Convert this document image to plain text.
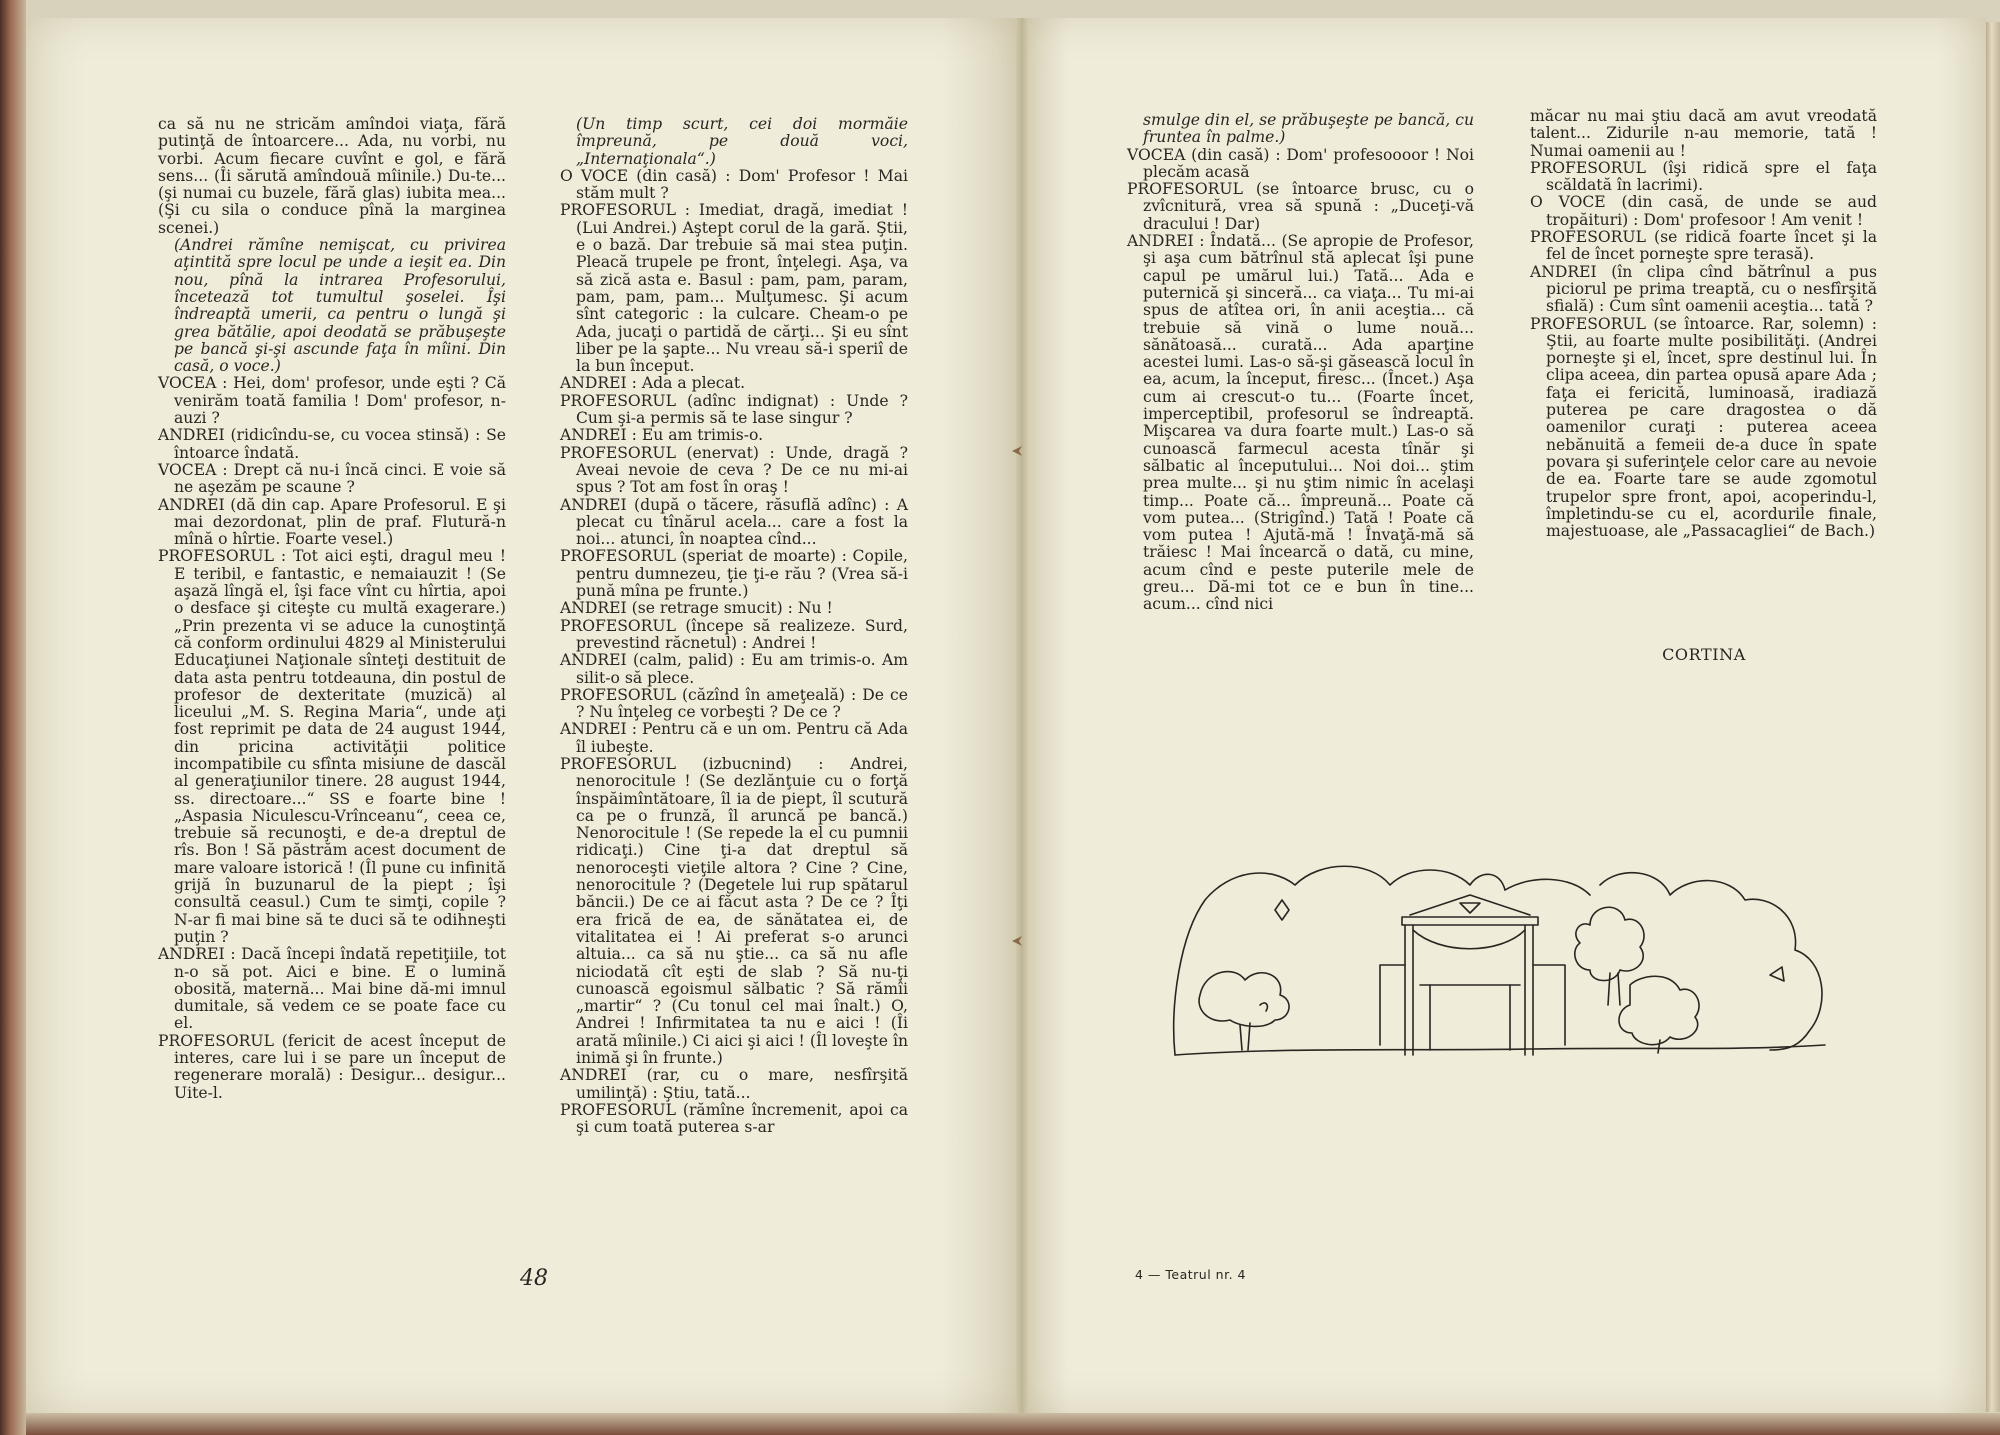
ca să nu ne stricăm amîndoi viaţa, fără putinţă de întoarcere... Ada, nu vorbi, nu vorbi. Acum fiecare cuvînt e gol, e fără sens... (Îi sărută amîndouă mîinile.) Du-te... (şi numai cu buzele, fără glas) iubita mea... (Şi cu sila o conduce pînă la marginea scenei.)

(Andrei rămîne nemişcat, cu privirea aţintită spre locul pe unde a ieşit ea. Din nou, pînă la intrarea Profesorului, încetează tot tumultul şoselei. Îşi îndreaptă umerii, ca pentru o lungă şi grea bătălie, apoi deodată se prăbuşeşte pe bancă şi-şi ascunde faţa în mîini. Din casă, o voce.)

VOCEA : Hei, dom' profesor, unde eşti ? Că venirăm toată familia ! Dom' profesor, n-auzi ?

ANDREI (ridicîndu-se, cu vocea stinsă) : Se întoarce îndată.

VOCEA : Drept că nu-i încă cinci. E voie să ne aşezăm pe scaune ?

ANDREI (dă din cap. Apare Profesorul. E şi mai dezordonat, plin de praf. Flutură-n mînă o hîrtie. Foarte vesel.)

PROFESORUL : Tot aici eşti, dragul meu ! E teribil, e fantastic, e nemaiauzit ! (Se aşază lîngă el, îşi face vînt cu hîrtia, apoi o desface şi citeşte cu multă exagerare.) „Prin prezenta vi se aduce la cunoştinţă că conform ordinului 4829 al Ministerului Educaţiunei Naţionale sînteţi destituit de data asta pentru totdeauna, din postul de profesor de dexteritate (muzică) al liceului „M. S. Regina Maria“, unde aţi fost reprimit pe data de 24 august 1944, din pricina activităţii politice incompatibile cu sfînta misiune de dascăl al generaţiunilor tinere. 28 august 1944, ss. directoare...“ SS e foarte bine ! „Aspasia Niculescu-Vrînceanu“, ceea ce, trebuie să recunoşti, e de-a dreptul de rîs. Bon ! Să păstrăm acest document de mare valoare istorică ! (Îl pune cu infinită grijă în buzunarul de la piept ; îşi consultă ceasul.) Cum te simţi, copile ? N-ar fi mai bine să te duci să te odihneşti puţin ?

ANDREI : Dacă începi îndată repetiţiile, tot n-o să pot. Aici e bine. E o lumină obosită, maternă... Mai bine dă-mi imnul dumitale, să vedem ce se poate face cu el.

PROFESORUL (fericit de acest început de interes, care lui i se pare un început de regenerare morală) : Desigur... desigur... Uite-l.

(Un timp scurt, cei doi mormăie împreună, pe două voci, „Internaţionala“.)

O VOCE (din casă) : Dom' Profesor ! Mai stăm mult ?

PROFESORUL : Imediat, dragă, imediat ! (Lui Andrei.) Aştept corul de la gară. Ştii, e o bază. Dar trebuie să mai stea puţin. Pleacă trupele pe front, înţelegi. Aşa, va să zică asta e. Basul : pam, pam, param, pam, pam, pam... Mulţumesc. Şi acum sînt categoric : la culcare. Cheam-o pe Ada, jucaţi o partidă de cărţi... Şi eu sînt liber pe la şapte... Nu vreau să-i speriî de la bun început.

ANDREI : Ada a plecat.

PROFESORUL (adînc indignat) : Unde ? Cum şi-a permis să te lase singur ?

ANDREI : Eu am trimis-o.

PROFESORUL (enervat) : Unde, dragă ? Aveai nevoie de ceva ? De ce nu mi-ai spus ? Tot am fost în oraş !

ANDREI (după o tăcere, răsuflă adînc) : A plecat cu tînărul acela... care a fost la noi... atunci, în noaptea cînd...

PROFESORUL (speriat de moarte) : Copile, pentru dumnezeu, ţie ţi-e rău ? (Vrea să-i pună mîna pe frunte.)

ANDREI (se retrage smucit) : Nu !

PROFESORUL (începe să realizeze. Surd, prevestind răcnetul) : Andrei !

ANDREI (calm, palid) : Eu am trimis-o. Am silit-o să plece.

PROFESORUL (căzînd în ameţeală) : De ce ? Nu înţeleg ce vorbeşti ? De ce ?

ANDREI : Pentru că e un om. Pentru că Ada îl iubeşte.

PROFESORUL (izbucnind) : Andrei, nenorocitule ! (Se dezlănţuie cu o forţă înspăimîntătoare, îl ia de piept, îl scutură ca pe o frunză, îl aruncă pe bancă.) Nenorocitule ! (Se repede la el cu pumnii ridicaţi.) Cine ţi-a dat dreptul să nenoroceşti vieţile altora ? Cine ? Cine, nenorocitule ? (Degetele lui rup spătarul băncii.) De ce ai făcut asta ? De ce ? Îţi era frică de ea, de sănătatea ei, de vitalitatea ei ! Ai preferat s-o arunci altuia... ca să nu ştie... ca să nu afle niciodată cît eşti de slab ? Să nu-ţi cunoască egoismul sălbatic ? Să rămîi „martir“ ? (Cu tonul cel mai înalt.) O, Andrei ! Infirmitatea ta nu e aici ! (Îi arată mîinile.) Ci aici şi aici ! (Îl loveşte în inimă şi în frunte.)

ANDREI (rar, cu o mare, nesfîrşită umilinţă) : Ştiu, tată...

PROFESORUL (rămîne încremenit, apoi ca şi cum toată puterea s-ar

smulge din el, se prăbuşeşte pe bancă, cu fruntea în palme.)

VOCEA (din casă) : Dom' profesoooor ! Noi plecăm acasă

PROFESORUL (se întoarce brusc, cu o zvîcnitură, vrea să spună : „Duceţi-vă dracului ! Dar)

ANDREI : Îndată... (Se apropie de Profesor, şi aşa cum bătrînul stă aplecat îşi pune capul pe umărul lui.) Tată... Ada e puternică şi sinceră... ca viaţa... Tu mi-ai spus de atîtea ori, în anii aceştia... că trebuie să vină o lume nouă... sănătoasă... curată... Ada aparţine acestei lumi. Las-o să-şi găsească locul în ea, acum, la început, firesc... (Încet.) Aşa cum ai crescut-o tu... (Foarte încet, imperceptibil, profesorul se îndreaptă. Mişcarea va dura foarte mult.) Las-o să cunoască farmecul acesta tînăr şi sălbatic al începutului... Noi doi... ştim prea multe... şi nu ştim nimic în acelaşi timp... Poate că... împreună... Poate că vom putea... (Strigînd.) Tată ! Poate că vom putea ! Ajută-mă ! Învaţă-mă să trăiesc ! Mai încearcă o dată, cu mine, acum cînd e peste puterile mele de greu... Dă-mi tot ce e bun în tine... acum... cînd nici

măcar nu mai ştiu dacă am avut vreodată talent... Zidurile n-au memorie, tată ! Numai oamenii au !

PROFESORUL (îşi ridică spre el faţa scăldată în lacrimi).

O VOCE (din casă, de unde se aud tropăituri) : Dom' profesoor ! Am venit !

PROFESORUL (se ridică foarte încet şi la fel de încet porneşte spre terasă).

ANDREI (în clipa cînd bătrînul a pus piciorul pe prima treaptă, cu o nesfîrşită sfială) : Cum sînt oamenii aceştia... tată ?

PROFESORUL (se întoarce. Rar, solemn) : Ştii, au foarte multe posibilităţi. (Andrei porneşte şi el, încet, spre destinul lui. În clipa aceea, din partea opusă apare Ada ; faţa ei fericită, luminoasă, iradiază puterea pe care dragostea o dă oamenilor curaţi : puterea aceea nebănuită a femeii de-a duce în spate povara şi suferinţele celor care au nevoie de ea. Foarte tare se aude zgomotul trupelor spre front, apoi, acoperindu-l, împletindu-se cu el, acordurile finale, majestuoase, ale „Passacagliei“ de Bach.)

48	4 — Teatrul nr. 4
CORTINA
